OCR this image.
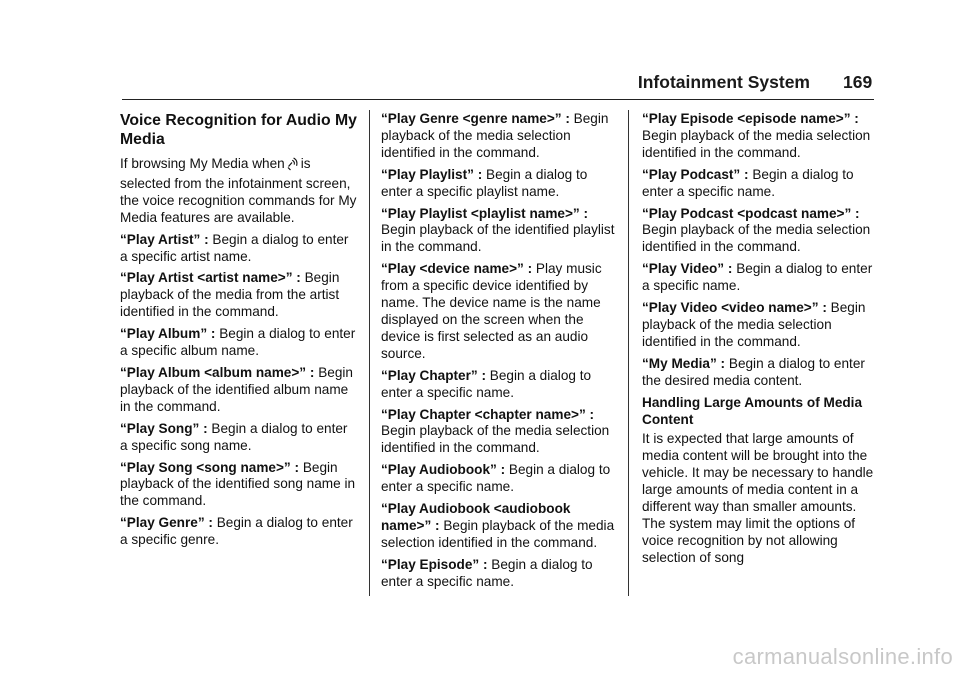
Infotainment System 169
Voice Recognition for Audio My Media

If browsing My Media when is selected from the infotainment screen, the voice recognition commands for My Media features are available.

“Play Artist” : Begin a dialog to enter a specific artist name.

“Play Artist <artist name>” : Begin playback of the media from the artist identified in the command.

“Play Album” : Begin a dialog to enter a specific album name.

“Play Album <album name>” : Begin playback of the identified album name in the command.

“Play Song” : Begin a dialog to enter a specific song name.

“Play Song <song name>” : Begin playback of the identified song name in the command.

“Play Genre” : Begin a dialog to enter a specific genre.

“Play Genre <genre name>” : Begin playback of the media selection identified in the command.

“Play Playlist” : Begin a dialog to enter a specific playlist name.

“Play Playlist <playlist name>” : Begin playback of the identified playlist in the command.

“Play <device name>” : Play music from a specific device identified by name. The device name is the name displayed on the screen when the device is first selected as an audio source.

“Play Chapter” : Begin a dialog to enter a specific name.

“Play Chapter <chapter name>” : Begin playback of the media selection identified in the command.

“Play Audiobook” : Begin a dialog to enter a specific name.

“Play Audiobook <audiobook name>” : Begin playback of the media selection identified in the command.

“Play Episode” : Begin a dialog to enter a specific name.

“Play Episode <episode name>” : Begin playback of the media selection identified in the command.

“Play Podcast” : Begin a dialog to enter a specific name.

“Play Podcast <podcast name>” : Begin playback of the media selection identified in the command.

“Play Video” : Begin a dialog to enter a specific name.

“Play Video <video name>” : Begin playback of the media selection identified in the command.

“My Media” : Begin a dialog to enter the desired media content.

Handling Large Amounts of Media Content

It is expected that large amounts of media content will be brought into the vehicle. It may be necessary to handle large amounts of media content in a different way than smaller amounts. The system may limit the options of voice recognition by not allowing selection of song

carmanualsonline.info
